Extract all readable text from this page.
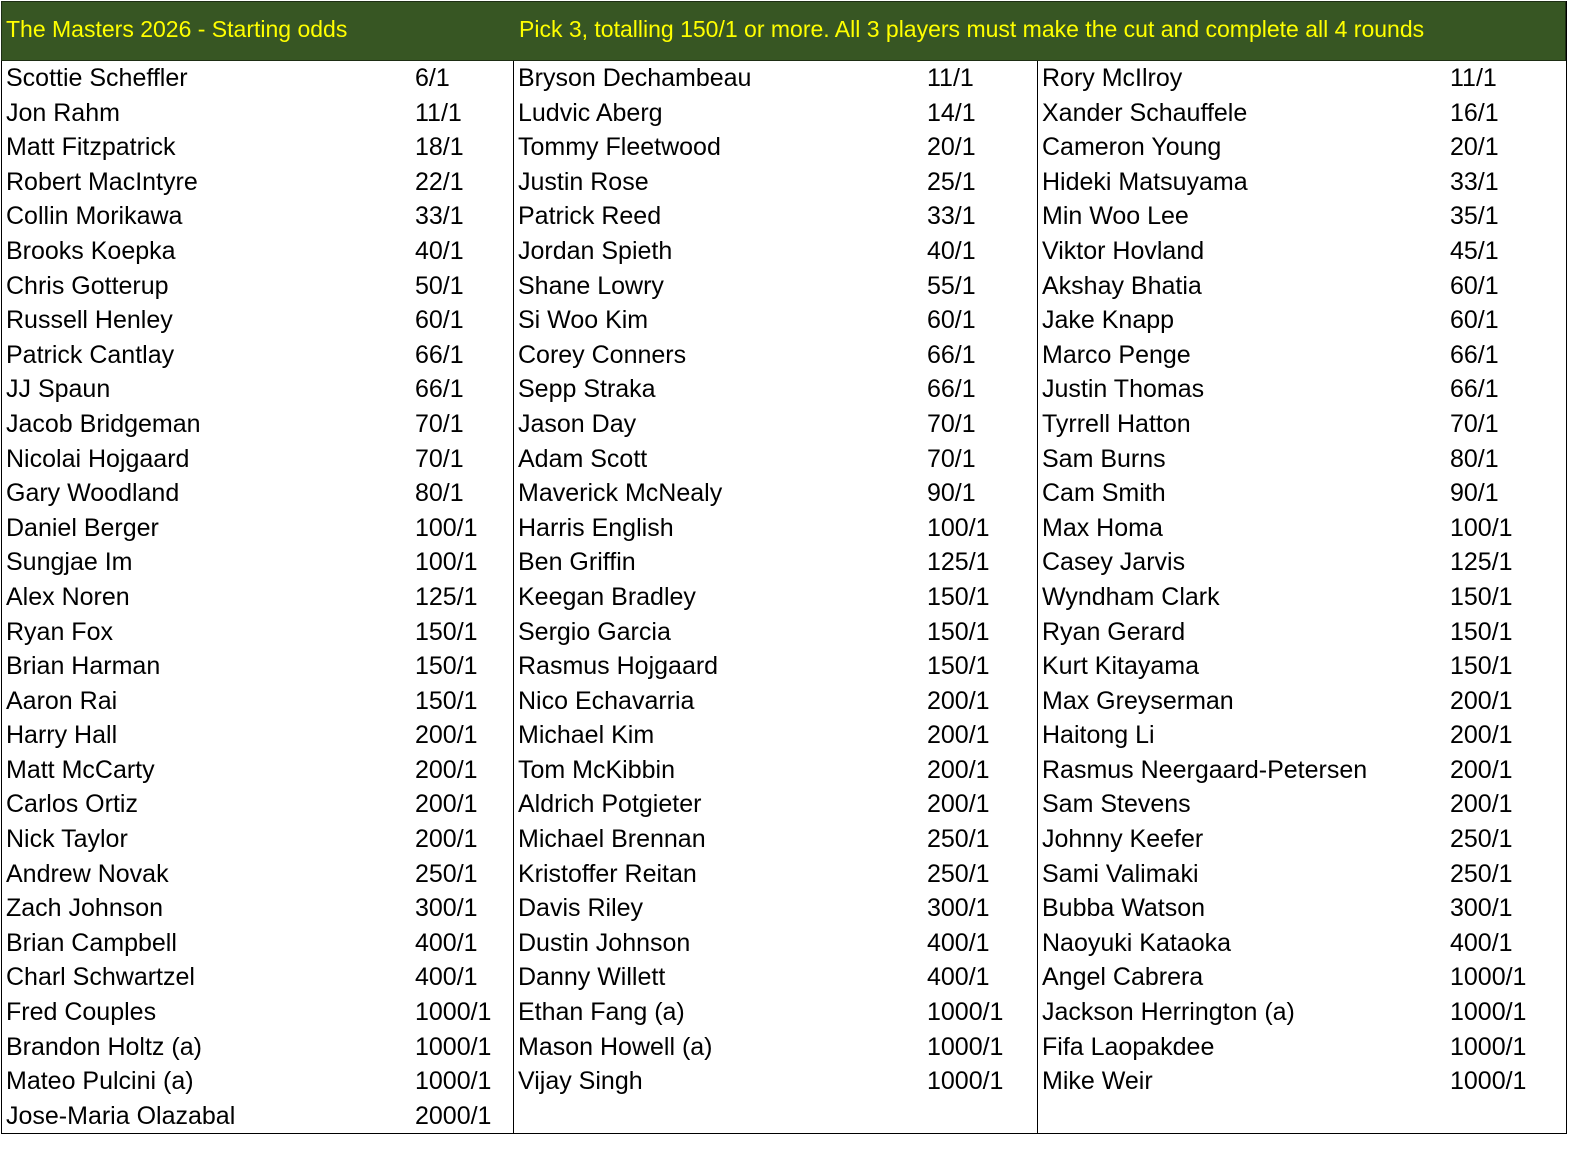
The Masters 2026 - Starting odds	Pick 3, totalling 150/1 or more. All 3 players must make the cut and complete all 4 rounds
Scottie Scheffler	6/1
Jon Rahm	11/1
Matt Fitzpatrick	18/1
Robert MacIntyre	22/1
Collin Morikawa	33/1
Brooks Koepka	40/1
Chris Gotterup	50/1
Russell Henley	60/1
Patrick Cantlay	66/1
JJ Spaun	66/1
Jacob Bridgeman	70/1
Nicolai Hojgaard	70/1
Gary Woodland	80/1
Daniel Berger	100/1
Sungjae Im	100/1
Alex Noren	125/1
Ryan Fox	150/1
Brian Harman	150/1
Aaron Rai	150/1
Harry Hall	200/1
Matt McCarty	200/1
Carlos Ortiz	200/1
Nick Taylor	200/1
Andrew Novak	250/1
Zach Johnson	300/1
Brian Campbell	400/1
Charl Schwartzel	400/1
Fred Couples	1000/1
Brandon Holtz (a)	1000/1
Mateo Pulcini (a)	1000/1
Jose-Maria Olazabal	2000/1
Bryson Dechambeau	11/1
Ludvic Aberg	14/1
Tommy Fleetwood	20/1
Justin Rose	25/1
Patrick Reed	33/1
Jordan Spieth	40/1
Shane Lowry	55/1
Si Woo Kim	60/1
Corey Conners	66/1
Sepp Straka	66/1
Jason Day	70/1
Adam Scott	70/1
Maverick McNealy	90/1
Harris English	100/1
Ben Griffin	125/1
Keegan Bradley	150/1
Sergio Garcia	150/1
Rasmus Hojgaard	150/1
Nico Echavarria	200/1
Michael Kim	200/1
Tom McKibbin	200/1
Aldrich Potgieter	200/1
Michael Brennan	250/1
Kristoffer Reitan	250/1
Davis Riley	300/1
Dustin Johnson	400/1
Danny Willett	400/1
Ethan Fang (a)	1000/1
Mason Howell (a)	1000/1
Vijay Singh	1000/1
Rory McIlroy	11/1
Xander Schauffele	16/1
Cameron Young	20/1
Hideki Matsuyama	33/1
Min Woo Lee	35/1
Viktor Hovland	45/1
Akshay Bhatia	60/1
Jake Knapp	60/1
Marco Penge	66/1
Justin Thomas	66/1
Tyrrell Hatton	70/1
Sam Burns	80/1
Cam Smith	90/1
Max Homa	100/1
Casey Jarvis	125/1
Wyndham Clark	150/1
Ryan Gerard	150/1
Kurt Kitayama	150/1
Max Greyserman	200/1
Haitong Li	200/1
Rasmus Neergaard-Petersen	200/1
Sam Stevens	200/1
Johnny Keefer	250/1
Sami Valimaki	250/1
Bubba Watson	300/1
Naoyuki Kataoka	400/1
Angel Cabrera	1000/1
Jackson Herrington (a)	1000/1
Fifa Laopakdee	1000/1
Mike Weir	1000/1
